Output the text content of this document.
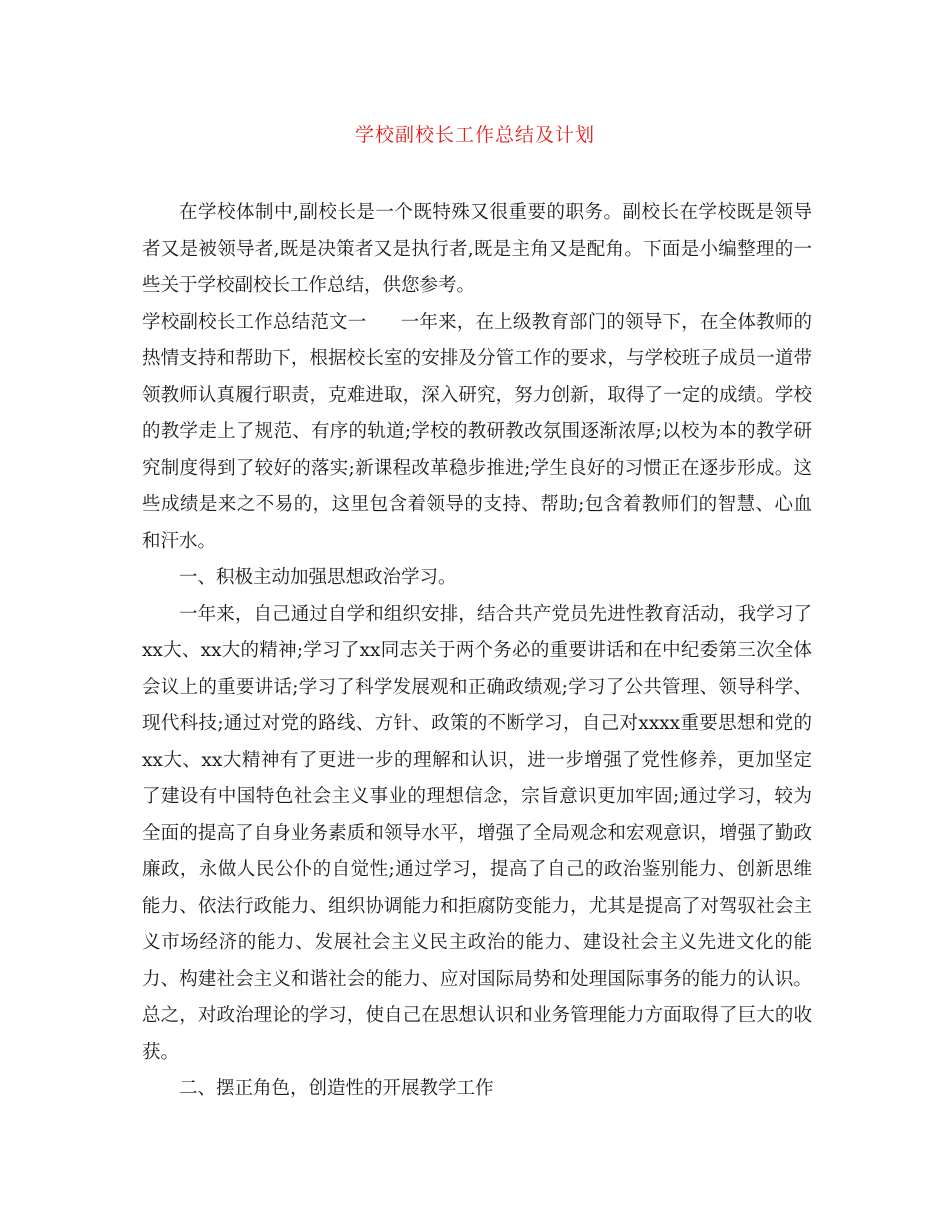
学校副校长工作总结及计划

在学校体制中,副校长是一个既特殊又很重要的职务。副校长在学校既是领导者又是被领导者,既是决策者又是执行者,既是主角又是配角。下面是小编整理的一些关于学校副校长工作总结，供您参考。

学校副校长工作总结范文一 一年来，在上级教育部门的领导下，在全体教师的热情支持和帮助下，根据校长室的安排及分管工作的要求，与学校班子成员一道带领教师认真履行职责，克难进取，深入研究，努力创新，取得了一定的成绩。学校的教学走上了规范、有序的轨道;学校的教研教改氛围逐渐浓厚;以校为本的教学研究制度得到了较好的落实;新课程改革稳步推进;学生良好的习惯正在逐步形成。这些成绩是来之不易的，这里包含着领导的支持、帮助;包含着教师们的智慧、心血和汗水。

一、积极主动加强思想政治学习。

一年来，自己通过自学和组织安排，结合共产党员先进性教育活动，我学习了xx大、xx大的精神;学习了xx同志关于两个务必的重要讲话和在中纪委第三次全体会议上的重要讲话;学习了科学发展观和正确政绩观;学习了公共管理、领导科学、现代科技;通过对党的路线、方针、政策的不断学习，自己对xxxx重要思想和党的xx大、xx大精神有了更进一步的理解和认识，进一步增强了党性修养，更加坚定了建设有中国特色社会主义事业的理想信念，宗旨意识更加牢固;通过学习，较为全面的提高了自身业务素质和领导水平，增强了全局观念和宏观意识，增强了勤政廉政，永做人民公仆的自觉性;通过学习，提高了自己的政治鉴别能力、创新思维能力、依法行政能力、组织协调能力和拒腐防变能力，尤其是提高了对驾驭社会主义市场经济的能力、发展社会主义民主政治的能力、建设社会主义先进文化的能力、构建社会主义和谐社会的能力、应对国际局势和处理国际事务的能力的认识。总之，对政治理论的学习，使自己在思想认识和业务管理能力方面取得了巨大的收获。

二、摆正角色，创造性的开展教学工作
